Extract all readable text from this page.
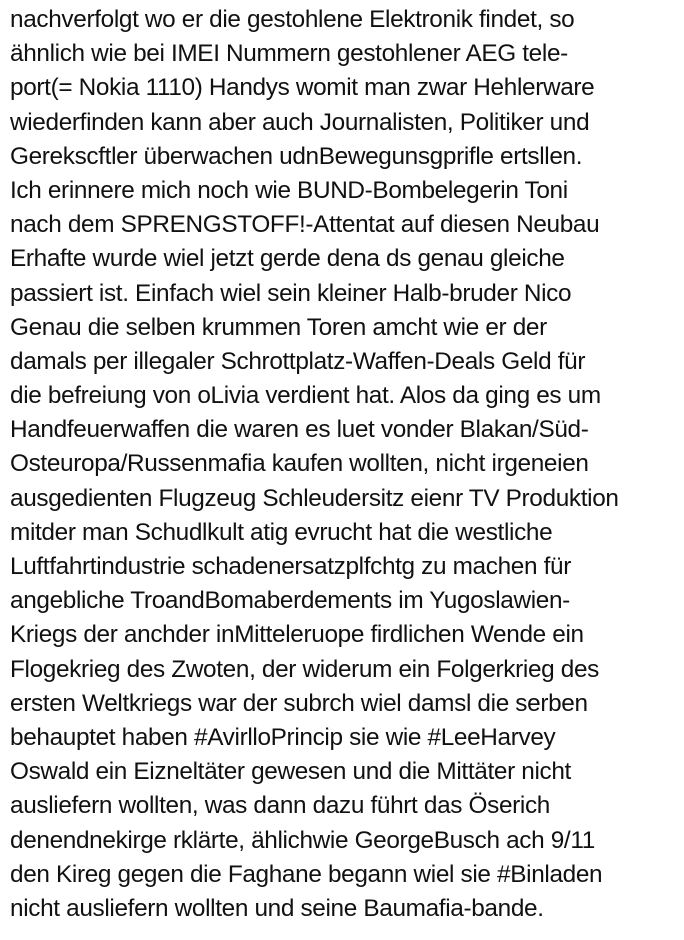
nachverfolgt wo er die gestohlene Elektronik findet, so
ähnlich wie bei IMEI Nummern gestohlener AEG tele-
port(= Nokia 1110) Handys womit man zwar Hehlerware
wiederfinden kann aber auch Journalisten, Politiker und
Gerekscftler überwachen udnBewegunsgprifle ertsllen.
Ich erinnere mich noch wie BUND-Bombelegerin Toni
nach dem SPRENGSTOFF!-Attentat auf diesen Neubau
Erhafte wurde wiel jetzt gerde dena ds genau gleiche
passiert ist. Einfach wiel sein kleiner Halb-bruder Nico
Genau die selben krummen Toren amcht wie er der
damals per illegaler Schrottplatz-Waffen-Deals Geld für
die befreiung von oLivia verdient hat. Alos da ging es um
Handfeuerwaffen die waren es luet vonder Blakan/Süd-
Osteuropa/Russenmafia kaufen wollten, nicht irgeneien
ausgedienten Flugzeug Schleudersitz eienr TV Produktion
mitder man Schudlkult atig evrucht hat die westliche
Luftfahrtindustrie schadenersatzplfchtg zu machen für
angebliche TroandBomaberdements im Yugoslawien-
Kriegs der anchder inMitteleruope firdlichen Wende ein
Flogekrieg des Zwoten, der widerum ein Folgerkrieg des
ersten Weltkriegs war der subrch wiel damsl die serben
behauptet haben #AvirlloPrincip sie wie #LeeHarvey
Oswald ein Eizneltäter gewesen und die Mittäter nicht
ausliefern wollten, was dann dazu führt das Öserich
denendnekirge rklärte, ählichwie GeorgeBusch ach 9/11
den Kireg gegen die Faghane begann wiel sie #Binladen
nicht ausliefern wollten und seine Baumafia-bande.
